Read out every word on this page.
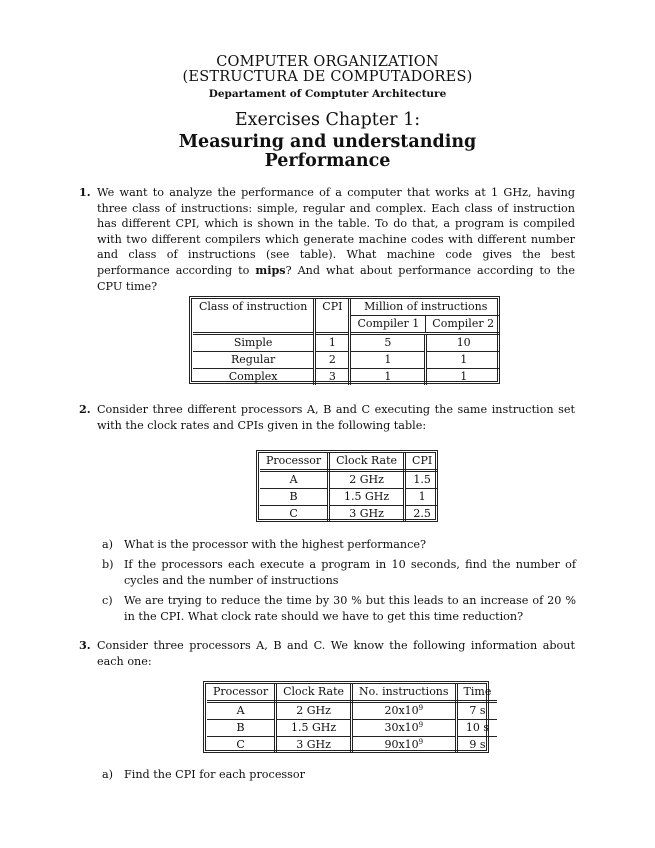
COMPUTER ORGANIZATION
(ESTRUCTURA DE COMPUTADORES)
Departament of Comptuter Architecture
Exercises Chapter 1:
Measuring and understanding
Performance
1. We want to analyze the performance of a computer that works at 1 GHz, having three class of instructions: simple, regular and complex. Each class of instruction has different CPI, which is shown in the table. To do that, a program is compiled with two different compilers which generate machine codes with different number and class of instructions (see table). What machine code gives the best performance according to mips? And what about performance according to the CPU time?
Class of instruction	CPI	Million of instructions	
		Compiler 1	Compiler 2
Simple	1	5	10
Regular	2	1	1
Complex	3	1	1
2. Consider three different processors A, B and C executing the same instruction set with the clock rates and CPIs given in the following table:
Processor	Clock Rate	CPI
A	2 GHz	1.5
B	1.5 GHz	1
C	3 GHz	2.5
a) What is the processor with the highest performance?
b) If the processors each execute a program in 10 seconds, find the number of cycles and the number of instructions
c) We are trying to reduce the time by 30 % but this leads to an increase of 20 % in the CPI. What clock rate should we have to get this time reduction?
3. Consider three processors A, B and C. We know the following information about each one:
Processor	Clock Rate	No. instructions	Time
A	2 GHz	$20x10^9$	7 s
B	1.5 GHz	$30x10^9$	10 s
C	3 GHz	$90x10^9$	9 s
a) Find the CPI for each processor
